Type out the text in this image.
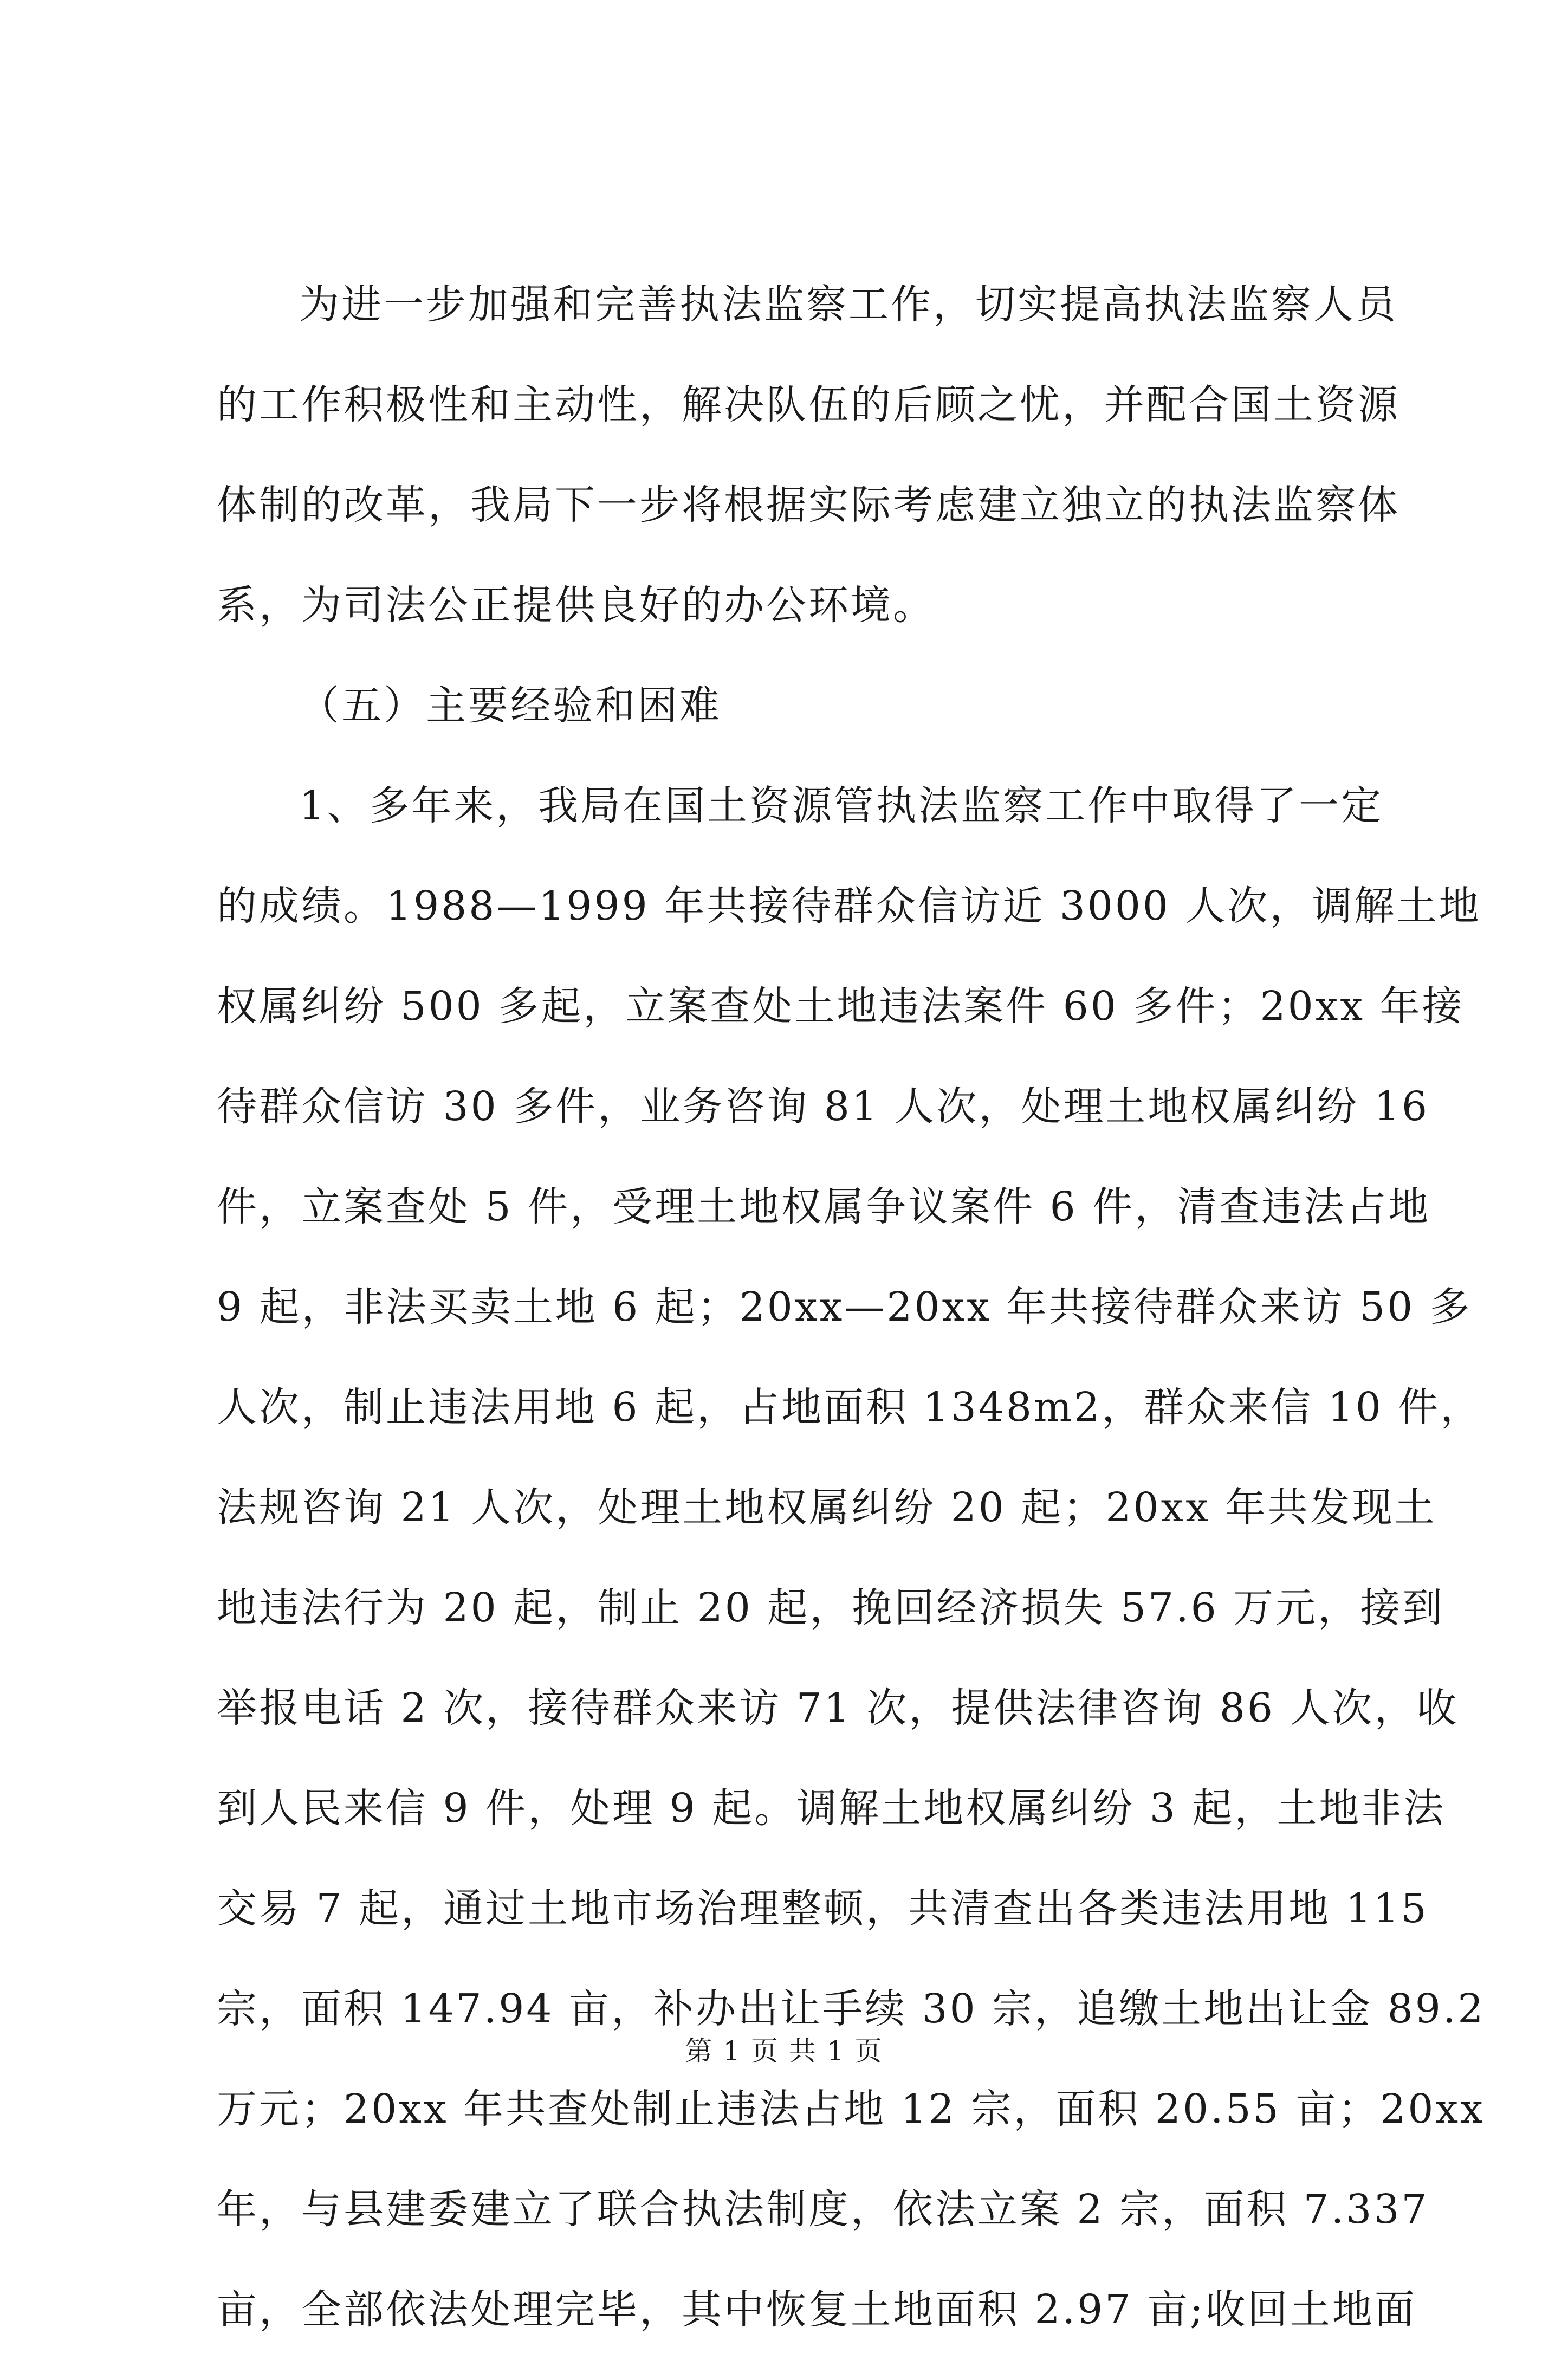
为进一步加强和完善执法监察工作，切实提高执法监察人员
的工作积极性和主动性，解决队伍的后顾之忧，并配合国土资源
体制的改革，我局下一步将根据实际考虑建立独立的执法监察体
系，为司法公正提供良好的办公环境。
（五）主要经验和困难
1、多年来，我局在国土资源管执法监察工作中取得了一定
的成绩。1988—1999 年共接待群众信访近 3000 人次，调解土地
权属纠纷 500 多起，立案查处土地违法案件 60 多件；20xx 年接
待群众信访 30 多件，业务咨询 81 人次，处理土地权属纠纷 16
件，立案查处 5 件，受理土地权属争议案件 6 件，清查违法占地
9 起，非法买卖土地 6 起；20xx—20xx 年共接待群众来访 50 多
人次，制止违法用地 6 起，占地面积 1348m2，群众来信 10 件，
法规咨询 21 人次，处理土地权属纠纷 20 起；20xx 年共发现土
地违法行为 20 起，制止 20 起，挽回经济损失 57.6 万元，接到
举报电话 2 次，接待群众来访 71 次，提供法律咨询 86 人次，收
到人民来信 9 件，处理 9 起。调解土地权属纠纷 3 起，土地非法
交易 7 起，通过土地市场治理整顿，共清查出各类违法用地 115
宗，面积 147.94 亩，补办出让手续 30 宗，追缴土地出让金 89.2
万元；20xx 年共查处制止违法占地 12 宗，面积 20.55 亩；20xx
年，与县建委建立了联合执法制度，依法立案 2 宗，面积 7.337
亩，全部依法处理完毕，其中恢复土地面积 2.97 亩;收回土地面
第 1 页 共 1 页
